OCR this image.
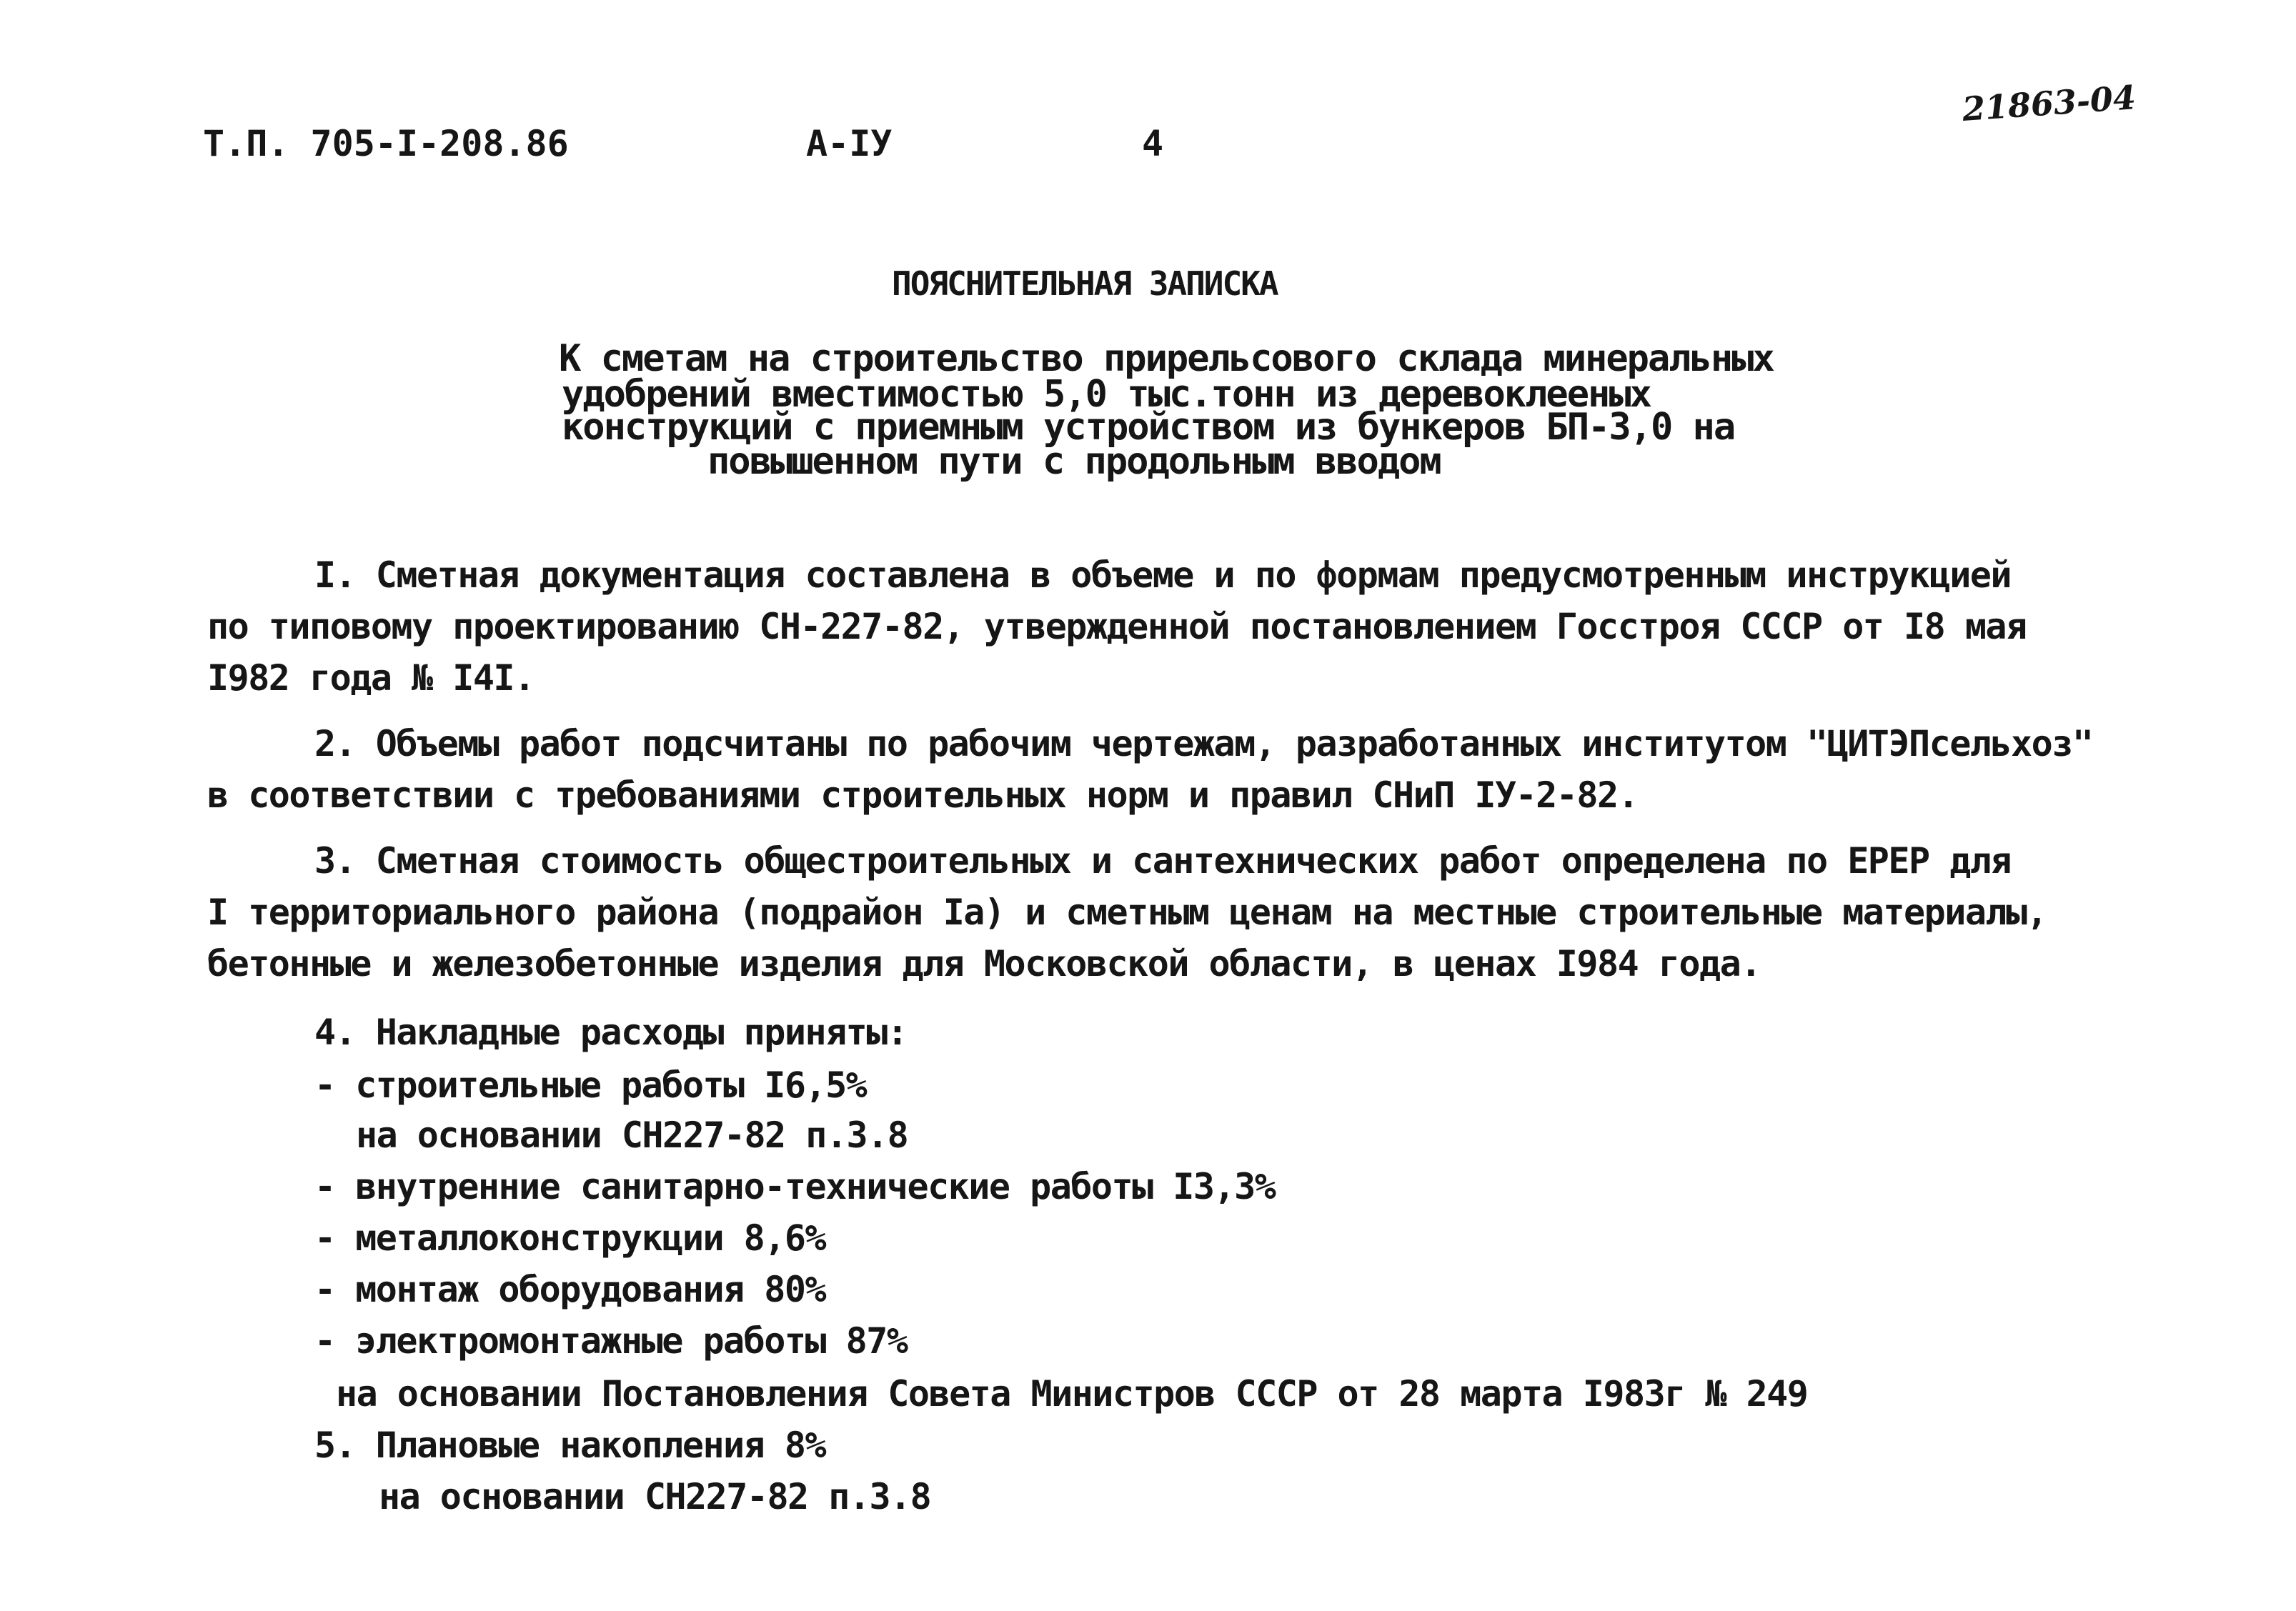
Т.П. 705-I-208.86	А-IУ	4
21863-04
ПОЯСНИТЕЛЬНАЯ ЗАПИСКА
К сметам на строительство прирельсового склада минеральных
удобрений вместимостью 5,0 тыс.тонн из деревоклееных
конструкций с приемным устройством из бункеров БП-3,0 на
повышенном пути с продольным вводом
I. Сметная документация составлена в объеме и по формам предусмотренным инструкцией
по типовому проектированию СН-227-82, утвержденной постановлением Госстроя СССР от I8 мая
I982 года № I4I.
2. Объемы работ подсчитаны по рабочим чертежам, разработанных институтом "ЦИТЭПсельхоз"
в соответствии с требованиями строительных норм и правил СНиП IУ-2-82.
3. Сметная стоимость общестроительных и сантехнических работ определена по ЕРЕР для
I территориального района (подрайон Iа) и сметным ценам на местные строительные материалы,
бетонные и железобетонные изделия для Московской области, в ценах I984 года.
4. Накладные расходы приняты:
- строительные работы I6,5%
на основании СН227-82 п.3.8
- внутренние санитарно-технические работы I3,3%
- металлоконструкции 8,6%
- монтаж оборудования 80%
- электромонтажные работы 87%
на основании Постановления Совета Министров СССР от 28 марта I983г № 249
5. Плановые накопления 8%
на основании СН227-82 п.3.8
